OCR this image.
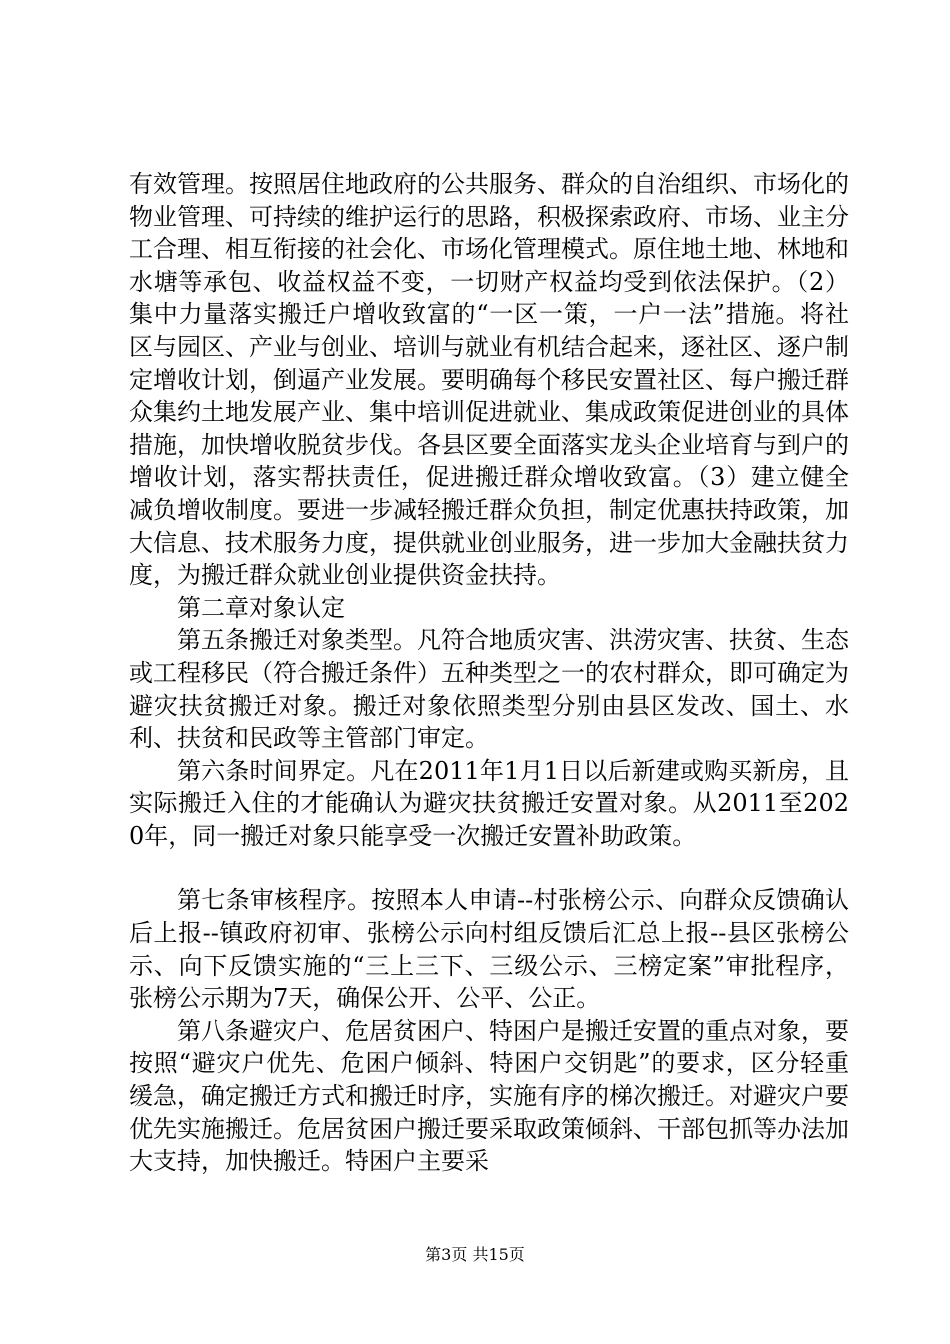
有效管理。按照居住地政府的公共服务、群众的自治组织、市场化的物业管理、可持续的维护运行的思路，积极探索政府、市场、业主分工合理、相互衔接的社会化、市场化管理模式。原住地土地、林地和水塘等承包、收益权益不变，一切财产权益均受到依法保护。（2）集中力量落实搬迁户增收致富的“一区一策，一户一法”措施。将社区与园区、产业与创业、培训与就业有机结合起来，逐社区、逐户制定增收计划，倒逼产业发展。要明确每个移民安置社区、每户搬迁群众集约土地发展产业、集中培训促进就业、集成政策促进创业的具体措施，加快增收脱贫步伐。各县区要全面落实龙头企业培育与到户的增收计划，落实帮扶责任，促进搬迁群众增收致富。（3）建立健全减负增收制度。要进一步减轻搬迁群众负担，制定优惠扶持政策，加大信息、技术服务力度，提供就业创业服务，进一步加大金融扶贫力度，为搬迁群众就业创业提供资金扶持。

第二章对象认定

第五条搬迁对象类型。凡符合地质灾害、洪涝灾害、扶贫、生态或工程移民（符合搬迁条件）五种类型之一的农村群众，即可确定为避灾扶贫搬迁对象。搬迁对象依照类型分别由县区发改、国土、水利、扶贫和民政等主管部门审定。

第六条时间界定。凡在2011年1月1日以后新建或购买新房，且实际搬迁入住的才能确认为避灾扶贫搬迁安置对象。从2011至2020年，同一搬迁对象只能享受一次搬迁安置补助政策。

第七条审核程序。按照本人申请--村张榜公示、向群众反馈确认后上报--镇政府初审、张榜公示向村组反馈后汇总上报--县区张榜公示、向下反馈实施的“三上三下、三级公示、三榜定案”审批程序，张榜公示期为7天，确保公开、公平、公正。

第八条避灾户、危居贫困户、特困户是搬迁安置的重点对象，要按照“避灾户优先、危困户倾斜、特困户交钥匙”的要求，区分轻重缓急，确定搬迁方式和搬迁时序，实施有序的梯次搬迁。对避灾户要优先实施搬迁。危居贫困户搬迁要采取政策倾斜、干部包抓等办法加大支持，加快搬迁。特困户主要采

第3页 共15页
